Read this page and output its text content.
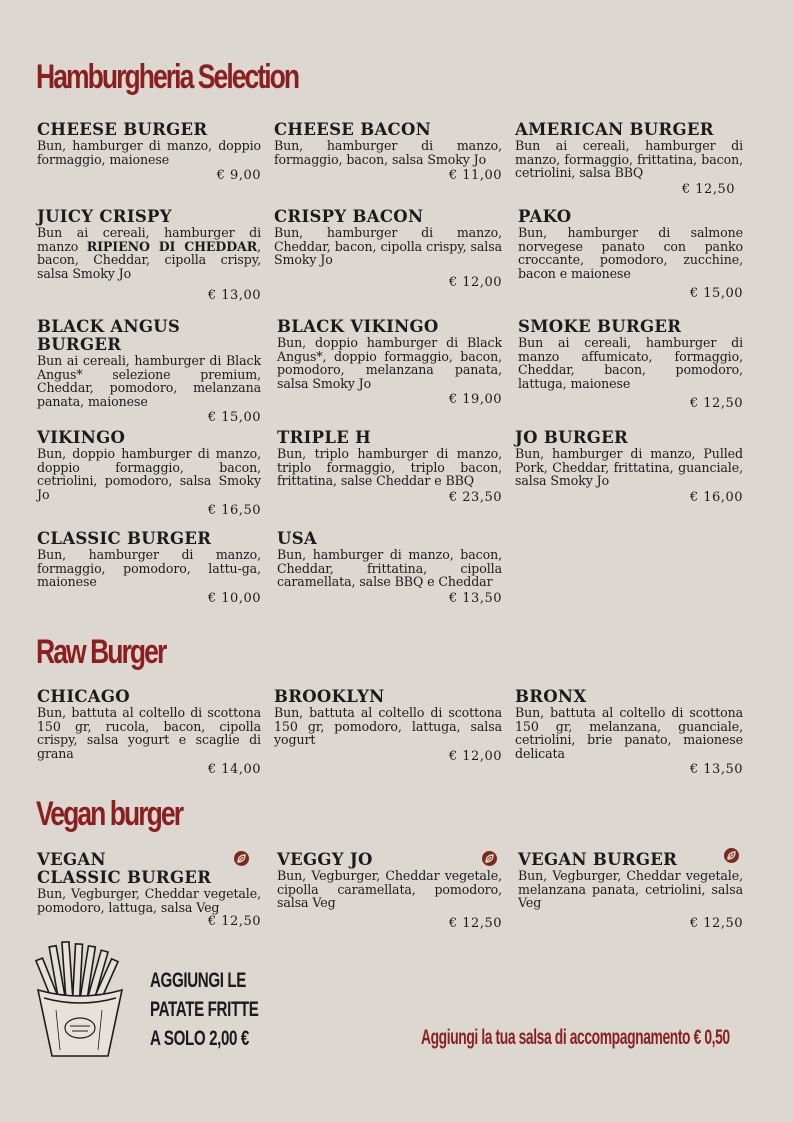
Hamburgheria Selection
Raw Burger
Vegan burger

CHEESE BURGER

Bun, hamburger di manzo, doppio formaggio, maionese

€ 9,00

CHEESE BACON

Bun, hamburger di manzo, formaggio, bacon, salsa Smoky Jo

€ 11,00

AMERICAN BURGER

Bun ai cereali, hamburger di manzo, formaggio, frittatina, bacon, cetriolini, salsa BBQ

€ 12,50

JUICY CRISPY

Bun ai cereali, hamburger di manzo RIPIENO DI CHEDDAR, bacon, Cheddar, cipolla crispy, salsa Smoky Jo

€ 13,00

CRISPY BACON

Bun, hamburger di manzo, Cheddar, bacon, cipolla crispy, salsa Smoky Jo

€ 12,00

PAKO

Bun, hamburger di salmone norvegese panato con panko croccante, pomodoro, zucchine, bacon e maionese

€ 15,00

BLACK ANGUS
BURGER

Bun ai cereali, hamburger di Black Angus* selezione premium, Cheddar, pomodoro, melanzana panata, maionese

€ 15,00

BLACK VIKINGO

Bun, doppio hamburger di Black Angus*, doppio formaggio, bacon, pomodoro, melanzana panata, salsa Smoky Jo

€ 19,00

SMOKE BURGER

Bun ai cereali, hamburger di manzo affumicato, formaggio, Cheddar, bacon, pomodoro, lattuga, maionese

€ 12,50

VIKINGO

Bun, doppio hamburger di manzo, doppio formaggio, bacon, cetriolini, pomodoro, salsa Smoky Jo

€ 16,50

TRIPLE H

Bun, triplo hamburger di manzo, triplo formaggio, triplo bacon, frittatina, salse Cheddar e BBQ

€ 23,50

JO BURGER

Bun, hamburger di manzo, Pulled Pork, Cheddar, frittatina, guanciale, salsa Smoky Jo

€ 16,00

CLASSIC BURGER

Bun, hamburger di manzo, formaggio, pomodoro, lattu-ga, maionese

€ 10,00

USA

Bun, hamburger di manzo, bacon, Cheddar, frittatina, cipolla caramellata, salse BBQ e Cheddar

€ 13,50

CHICAGO

Bun, battuta al coltello di scottona 150 gr, rucola, bacon, cipolla crispy, salsa yogurt e scaglie di grana

€ 14,00

BROOKLYN

Bun, battuta al coltello di scottona 150 gr, pomodoro, lattuga, salsa yogurt

€ 12,00

BRONX

Bun, battuta al coltello di scottona 150 gr, melanzana, guanciale, cetriolini, brie panato, maionese delicata

€ 13,50

VEGAN
CLASSIC BURGER

Bun, Vegburger, Cheddar vegetale, pomodoro, lattuga, salsa Veg

€ 12,50

VEGGY JO

Bun, Vegburger, Cheddar vegetale, cipolla caramellata, pomodoro, salsa Veg

€ 12,50

VEGAN BURGER

Bun, Vegburger, Cheddar vegetale, melanzana panata, cetriolini, salsa Veg

€ 12,50
AGGIUNGI LE
PATATE FRITTE
A SOLO 2,00 €	Aggiungi la tua salsa di accompagnamento € 0,50
